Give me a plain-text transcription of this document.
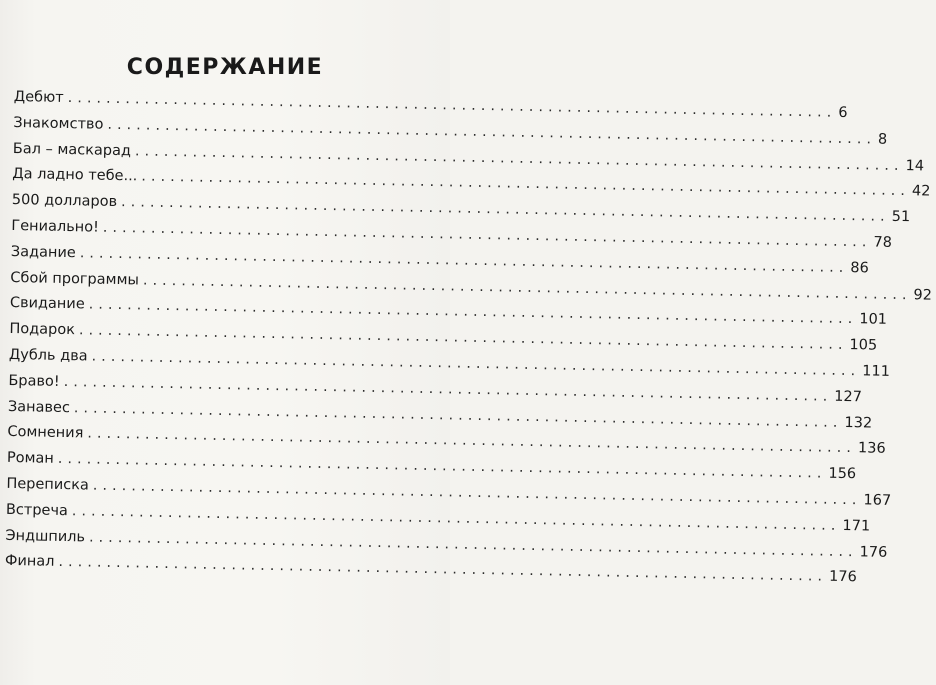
СОДЕРЖАНИЕ
Дебют ................................................................................ 6
Знакомство ................................................................................ 8
Бал – маскарад ................................................................................ 14
Да ладно тебе... ................................................................................ 42
500 долларов ................................................................................ 51
Гениально! ................................................................................ 78
Задание ................................................................................ 86
Сбой программы ................................................................................ 92
Свидание ................................................................................ 101
Подарок ................................................................................ 105
Дубль два ................................................................................ 111
Браво! ................................................................................ 127
Занавес ................................................................................ 132
Сомнения ................................................................................ 136
Роман ................................................................................ 156
Переписка ................................................................................ 167
Встреча ................................................................................ 171
Эндшпиль ................................................................................ 176
Финал ................................................................................ 176
